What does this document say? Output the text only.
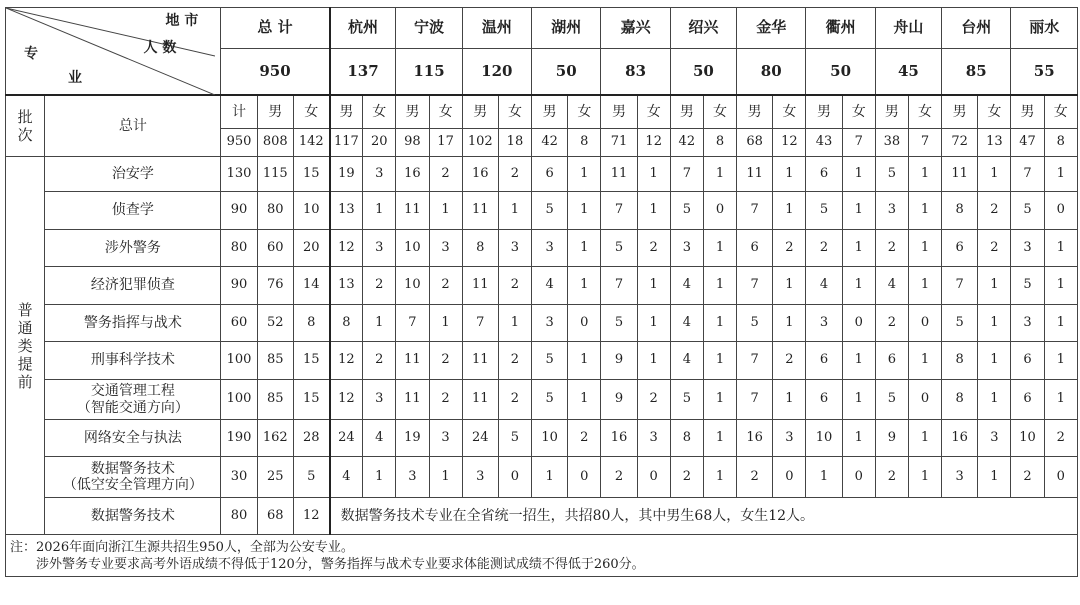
地 市
人 数
专
业		总 计			杭州		宁波		温州		湖州		嘉兴		绍兴		金华		衢州		舟山		台州		丽水	
		950			137		115		120		50		83		50		80		50		45		85		55	
批次	总计	计	男	女	男	女	男	女	男	女	男	女	男	女	男	女	男	女	男	女	男	女	男	女	男	女
		950	808	142	117	20	98	17	102	18	42	8	71	12	42	8	68	12	43	7	38	7	72	13	47	8
普通类提前	治安学	130	115	15	19	3	16	2	16	2	6	1	11	1	7	1	11	1	6	1	5	1	11	1	7	1

	侦查学	90	80	10	13	1	11	1	11	1	5	1	7	1	5	0	7	1	5	1	3	1	8	2	5	0

	涉外警务	80	60	20	12	3	10	3	8	3	3	1	5	2	3	1	6	2	2	1	2	1	6	2	3	1

	经济犯罪侦查	90	76	14	13	2	10	2	11	2	4	1	7	1	4	1	7	1	4	1	4	1	7	1	5	1

	警务指挥与战术	60	52	8	8	1	7	1	7	1	3	0	5	1	4	1	5	1	3	0	2	0	5	1	3	1

	刑事科学技术	100	85	15	12	2	11	2	11	2	5	1	9	1	4	1	7	2	6	1	6	1	8	1	6	1

	交通管理工程
（智能交通方向）	100	85	15	12	3	11	2	11	2	5	1	9	2	5	1	7	1	6	1	5	0	8	1	6	1

	网络安全与执法	190	162	28	24	4	19	3	24	5	10	2	16	3	8	1	16	3	10	1	9	1	16	3	10	2

	数据警务技术
（低空安全管理方向）	30	25	5	4	1	3	1	3	0	1	0	2	0	2	1	2	0	1	0	2	1	3	1	2	0
	数据警务技术	80	68	12	数据警务技术专业在全省统一招生，共招80人，其中男生68人，女生12人。																					

注：2026年面向浙江生源共招生950人，全部为公安专业。
涉外警务专业要求高考外语成绩不得低于120分，警务指挥与战术专业要求体能测试成绩不得低于260分。																										
